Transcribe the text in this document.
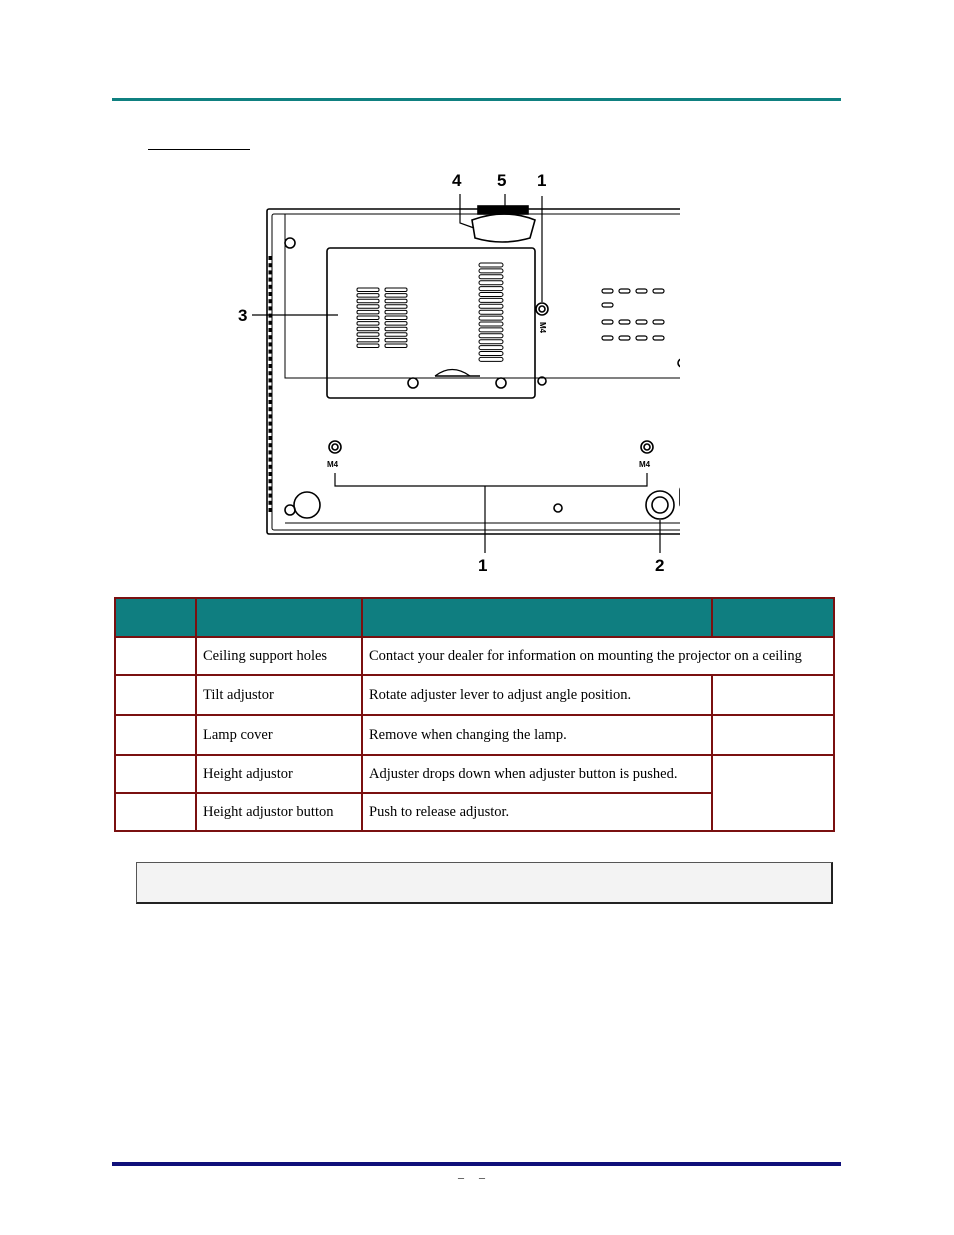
M4
M4	M4
4 5 1
3
1	2

	Ceiling support holes	Contact your dealer for information on mounting the projector on a ceiling	
	Tilt adjustor	Rotate adjuster lever to adjust angle position.	
	Lamp cover	Remove when changing the lamp.	
	Height adjustor	Adjuster drops down when adjuster button is pushed.	
	Height adjustor button	Push to release adjustor.	
– –
